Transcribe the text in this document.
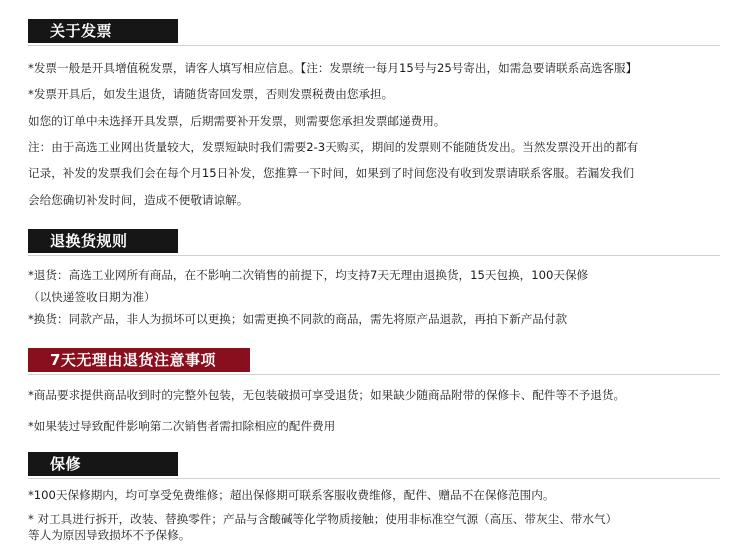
关于发票
*发票一般是开具增值税发票，请客人填写相应信息。【注：发票统一每月15号与25号寄出，如需急要请联系高选客服】
*发票开具后，如发生退货，请随货寄回发票，否则发票税费由您承担。
如您的订单中未选择开具发票，后期需要补开发票，则需要您承担发票邮递费用。
注：由于高选工业网出货量较大，发票短缺时我们需要2-3天购买，期间的发票则不能随货发出。当然发票没开出的都有
记录，补发的发票我们会在每个月15日补发，您推算一下时间，如果到了时间您没有收到发票请联系客服。若漏发我们
会给您确切补发时间，造成不便敬请谅解。
退换货规则
*退货：高选工业网所有商品，在不影响二次销售的前提下，均支持7天无理由退换货，15天包换，100天保修
（以快递签收日期为准）
*换货：同款产品，非人为损坏可以更换；如需更换不同款的商品，需先将原产品退款，再拍下新产品付款
7天无理由退货注意事项
*商品要求提供商品收到时的完整外包装，无包装破损可享受退货；如果缺少随商品附带的保修卡、配件等不予退货。
*如果装过导致配件影响第二次销售者需扣除相应的配件费用
保修
*100天保修期内，均可享受免费维修；超出保修期可联系客服收费维修，配件、赠品不在保修范围内。
* 对工具进行拆开，改装、替换零件；产品与含酸碱等化学物质接触；使用非标准空气源（高压、带灰尘、带水气）
等人为原因导致损坏不予保修。
